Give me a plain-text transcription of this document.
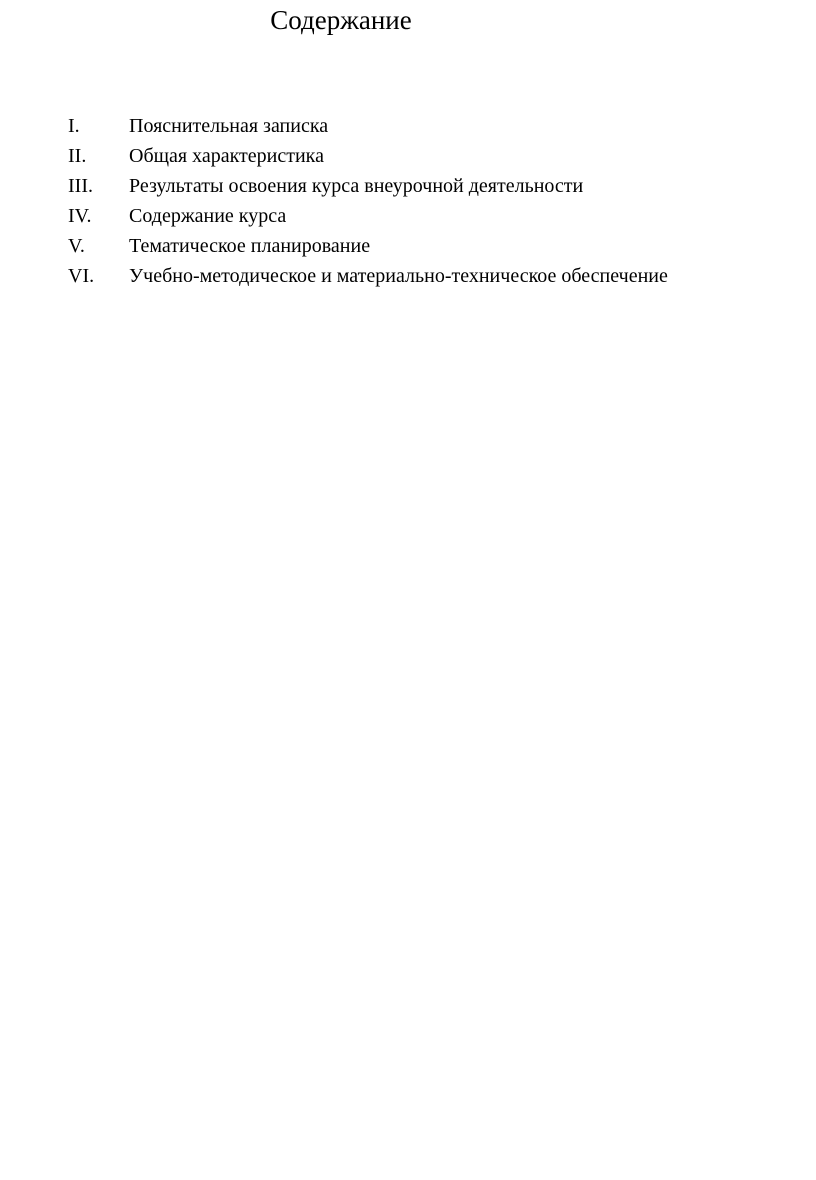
Содержание
I.	Пояснительная записка
II.	Общая характеристика
III.	Результаты освоения курса внеурочной деятельности
IV.	Содержание курса
V.	Тематическое планирование
VI.	Учебно-методическое и материально-техническое обеспечение
